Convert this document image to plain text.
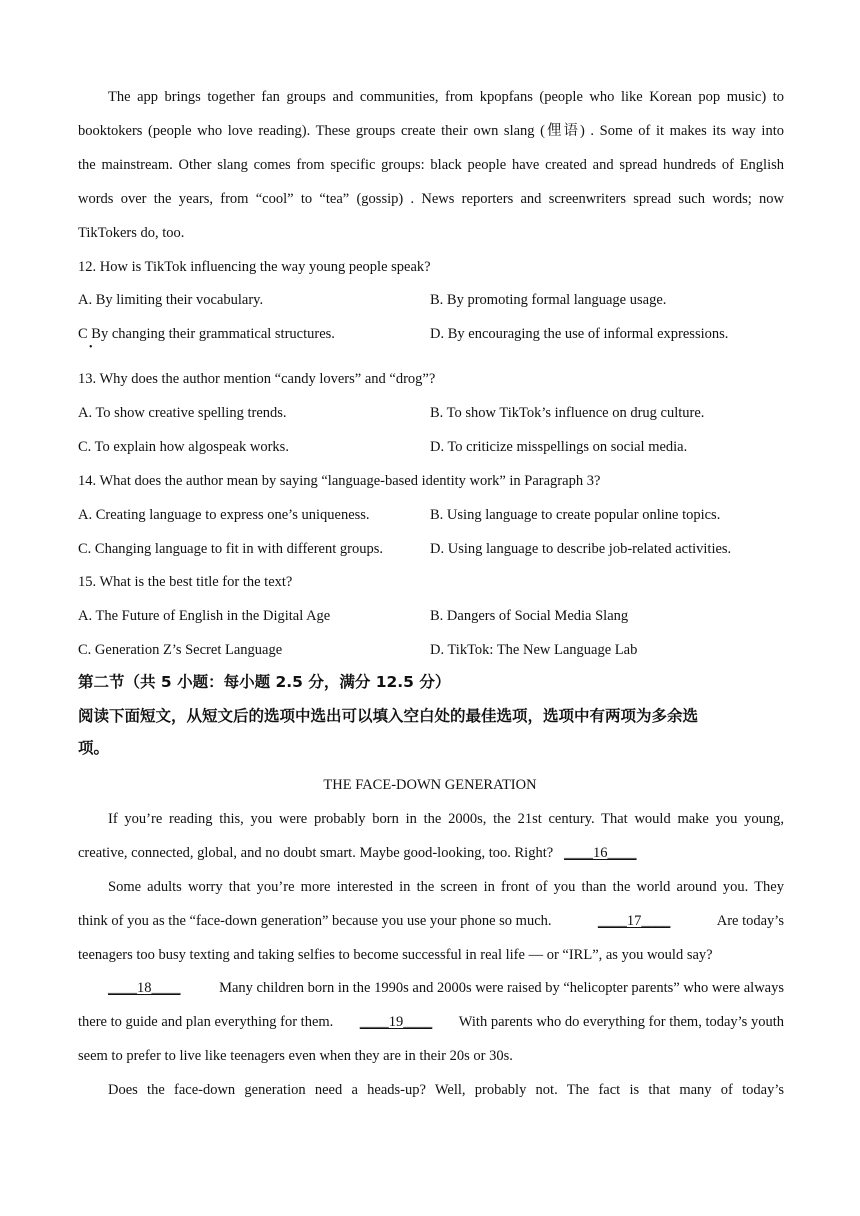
The app brings together fan groups and communities, from kpopfans (people who like Korean pop music) to
booktokers (people who love reading). These groups create their own slang (俚语) . Some of it makes its way into
the mainstream. Other slang comes from specific groups: black people have created and spread hundreds of English
words over the years, from “cool” to “tea” (gossip) . News reporters and screenwriters spread such words; now
TikTokers do, too.
12. How is TikTok influencing the way young people speak?
A. By limiting their vocabulary.	B. By promoting formal language usage.
C By changing their grammatical structures.
•
D. By encouraging the use of informal expressions.
13. Why does the author mention “candy lovers” and “drog”?
A. To show creative spelling trends.	B. To show TikTok’s influence on drug culture.
C. To explain how algospeak works.	D. To criticize misspellings on social media.
14. What does the author mean by saying “language-based identity work” in Paragraph 3?
A. Creating language to express one’s uniqueness.	B. Using language to create popular online topics.
C. Changing language to fit in with different groups.	D. Using language to describe job-related activities.
15. What is the best title for the text?
A. The Future of English in the Digital Age	B. Dangers of Social Media Slang
C. Generation Z’s Secret Language	D. TikTok: The New Language Lab
第二节（共 5 小题：每小题 2.5 分，满分 12.5 分）
阅读下面短文，从短文后的选项中选出可以填入空白处的最佳选项，选项中有两项为多余选
项。
THE FACE-DOWN GENERATION
If you’re reading this, you were probably born in the 2000s, the 21st century. That would make you young,
creative, connected, global, and no doubt smart. Maybe good-looking, too. Right? ____16____
Some adults worry that you’re more interested in the screen in front of you than the world around you. They
think of you as the “face-down generation” because you use your phone so much.	____17____	Are today’s
teenagers too busy texting and taking selfies to become successful in real life — or “IRL”, as you would say?
____18____	Many children born in the 1990s and 2000s were raised by “helicopter parents” who were always
there to guide and plan everything for them. ____19____ With parents who do everything for them, today’s youth
seem to prefer to live like teenagers even when they are in their 20s or 30s.
Does the face-down generation need a heads-up? Well, probably not. The fact is that many of today’s
